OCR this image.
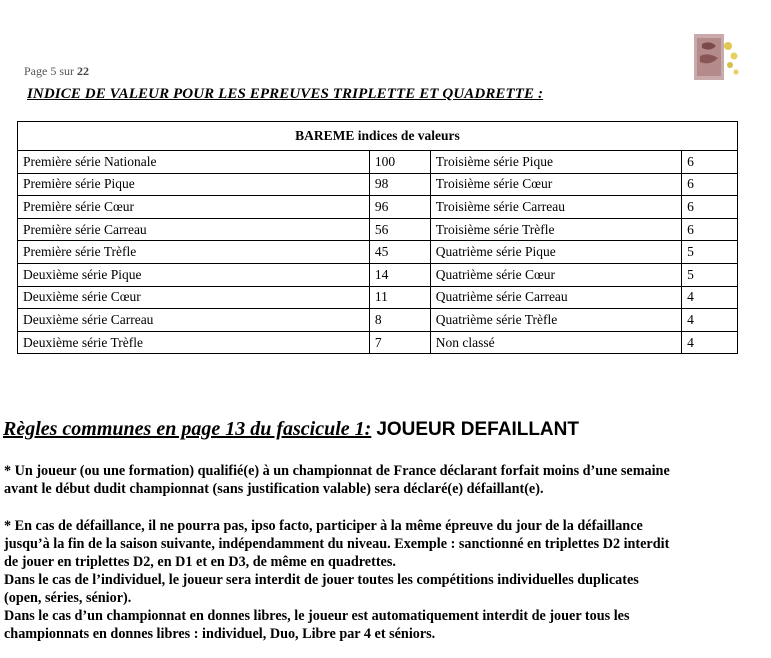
Page 5 sur 22
INDICE DE VALEUR POUR LES EPREUVES TRIPLETTE ET QUADRETTE :
BAREME indices de valeurs			
Première série Nationale	100	Troisième série Pique	6
Première série Pique	98	Troisième série Cœur	6
Première série Cœur	96	Troisième série Carreau	6
Première série Carreau	56	Troisième série Trèfle	6
Première série Trèfle	45	Quatrième série Pique	5
Deuxième série Pique	14	Quatrième série Cœur	5
Deuxième série Cœur	11	Quatrième série Carreau	4
Deuxième série Carreau	8	Quatrième série Trèfle	4
Deuxième série Trèfle	7	Non classé	4
Règles communes en page 13 du fascicule 1: JOUEUR DEFAILLANT
* Un joueur (ou une formation) qualifié(e) à un championnat de France déclarant forfait moins d’une semaine
avant le début dudit championnat (sans justification valable) sera déclaré(e) défaillant(e).
* En cas de défaillance, il ne pourra pas, ipso facto, participer à la même épreuve du jour de la défaillance
jusqu’à la fin de la saison suivante, indépendamment du niveau. Exemple : sanctionné en triplettes D2 interdit
de jouer en triplettes D2, en D1 et en D3, de même en quadrettes.
Dans le cas de l’individuel, le joueur sera interdit de jouer toutes les compétitions individuelles duplicates
(open, séries, sénior).
Dans le cas d’un championnat en donnes libres, le joueur est automatiquement interdit de jouer tous les
championnats en donnes libres : individuel, Duo, Libre par 4 et séniors.
